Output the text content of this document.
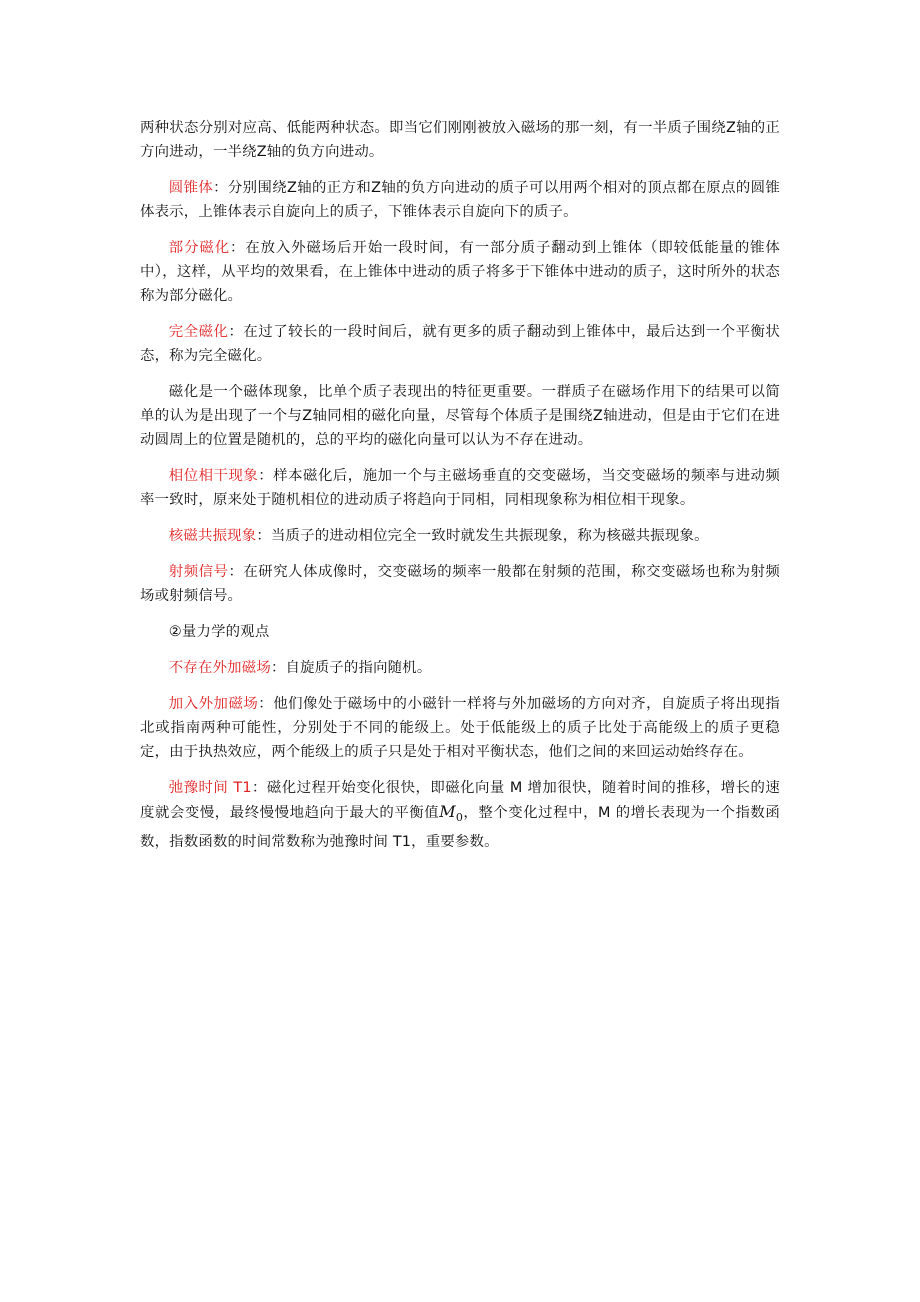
两种状态分别对应高、低能两种状态。即当它们刚刚被放入磁场的那一刻，有一半质子围绕Z轴的正方向进动，一半绕Z轴的负方向进动。

圆锥体：分别围绕Z轴的正方和Z轴的负方向进动的质子可以用两个相对的顶点都在原点的圆锥体表示，上锥体表示自旋向上的质子，下锥体表示自旋向下的质子。

部分磁化：在放入外磁场后开始一段时间，有一部分质子翻动到上锥体（即较低能量的锥体中），这样，从平均的效果看，在上锥体中进动的质子将多于下锥体中进动的质子，这时所外的状态称为部分磁化。

完全磁化：在过了较长的一段时间后，就有更多的质子翻动到上锥体中，最后达到一个平衡状态，称为完全磁化。

磁化是一个磁体现象，比单个质子表现出的特征更重要。一群质子在磁场作用下的结果可以简单的认为是出现了一个与Z轴同相的磁化向量，尽管每个体质子是围绕Z轴进动，但是由于它们在进动圆周上的位置是随机的，总的平均的磁化向量可以认为不存在进动。

相位相干现象：样本磁化后，施加一个与主磁场垂直的交变磁场，当交变磁场的频率与进动频率一致时，原来处于随机相位的进动质子将趋向于同相，同相现象称为相位相干现象。

核磁共振现象：当质子的进动相位完全一致时就发生共振现象，称为核磁共振现象。

射频信号：在研究人体成像时，交变磁场的频率一般都在射频的范围，称交变磁场也称为射频场或射频信号。

②量力学的观点

不存在外加磁场：自旋质子的指向随机。

加入外加磁场：他们像处于磁场中的小磁针一样将与外加磁场的方向对齐，自旋质子将出现指北或指南两种可能性，分别处于不同的能级上。处于低能级上的质子比处于高能级上的质子更稳定，由于执热效应，两个能级上的质子只是处于相对平衡状态，他们之间的来回运动始终存在。

弛豫时间 T1：磁化过程开始变化很快，即磁化向量 M 增加很快，随着时间的推移，增长的速度就会变慢，最终慢慢地趋向于最大的平衡值$M_0$，整个变化过程中，M 的增长表现为一个指数函数，指数函数的时间常数称为弛豫时间 T1，重要参数。
